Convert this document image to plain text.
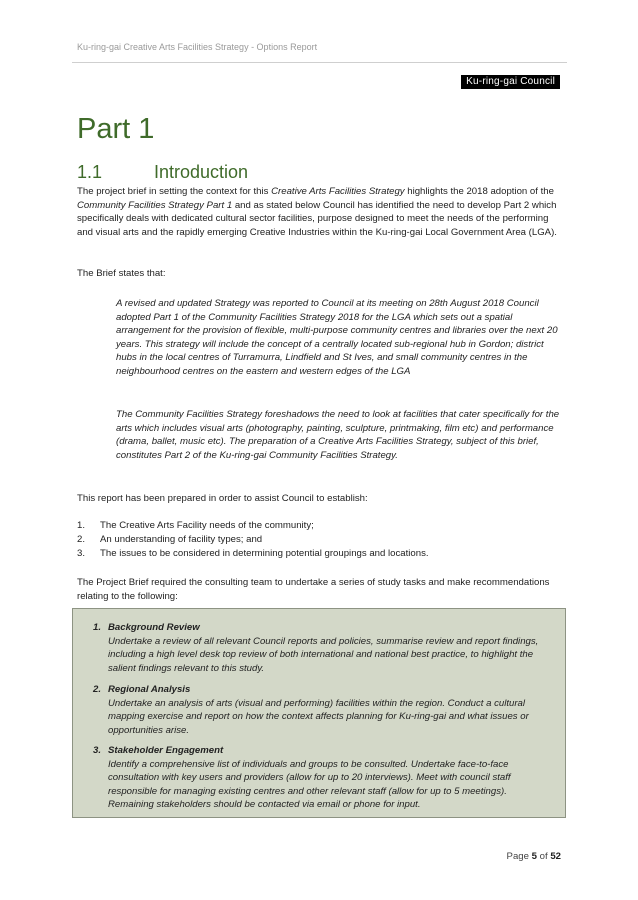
Ku-ring-gai Creative Arts Facilities Strategy - Options Report
Ku-ring-gai Council
Part 1
1.1	Introduction

The project brief in setting the context for this Creative Arts Facilities Strategy highlights the 2018 adoption of the Community Facilities Strategy Part 1 and as stated below Council has identified the need to develop Part 2 which specifically deals with dedicated cultural sector facilities, purpose designed to meet the needs of the performing and visual arts and the rapidly emerging Creative Industries within the Ku-ring-gai Local Government Area (LGA).

The Brief states that:
A revised and updated Strategy was reported to Council at its meeting on 28th August 2018 Council adopted Part 1 of the Community Facilities Strategy 2018 for the LGA which sets out a spatial arrangement for the provision of flexible, multi-purpose community centres and libraries over the next 20 years. This strategy will include the concept of a centrally located sub-regional hub in Gordon; district hubs in the local centres of Turramurra, Lindfield and St Ives, and small community centres in the neighbourhood centres on the eastern and western edges of the LGA
The Community Facilities Strategy foreshadows the need to look at facilities that cater specifically for the arts which includes visual arts (photography, painting, sculpture, printmaking, film etc) and performance (drama, ballet, music etc). The preparation of a Creative Arts Facilities Strategy, subject of this brief, constitutes Part 2 of the Ku-ring-gai Community Facilities Strategy.
This report has been prepared in order to assist Council to establish:
1.	The Creative Arts Facility needs of the community;
2.	An understanding of facility types; and
3.	The issues to be considered in determining potential groupings and locations.
The Project Brief required the consulting team to undertake a series of study tasks and make recommendations relating to the following:
1. Background Review
Undertake a review of all relevant Council reports and policies, summarise review and report findings, including a high level desk top review of both international and national best practice, to highlight the salient findings relevant to this study.
2. Regional Analysis
Undertake an analysis of arts (visual and performing) facilities within the region. Conduct a cultural mapping exercise and report on how the context affects planning for Ku-ring-gai and what issues or opportunities arise.
3. Stakeholder Engagement
Identify a comprehensive list of individuals and groups to be consulted. Undertake face-to-face consultation with key users and providers (allow for up to 20 interviews). Meet with council staff responsible for managing existing centres and other relevant staff (allow for up to 5 meetings). Remaining stakeholders should be contacted via email or phone for input.
Page 5 of 52
